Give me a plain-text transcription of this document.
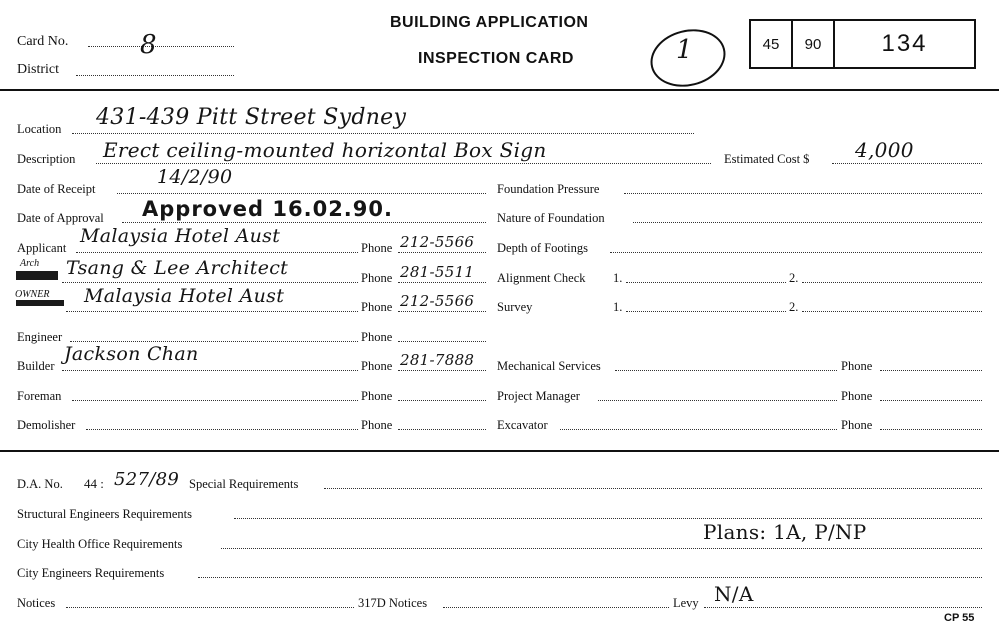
Card No.	8
District
BUILDING APPLICATION
INSPECTION CARD	1	45	90	134
Location 431-439 Pitt Street Sydney
Description Erect ceiling-mounted horizontal Box Sign
Date of Receipt
14/2/90
Date of Approval Approved 16.02.90.
Applicant
Malaysia Hotel Aust
Phone 212-5566
Arch Tsang & Lee Architect	Phone 281-5511
OWNER Malaysia Hotel Aust	Phone 212-5566
Engineer	Phone
Builder
Jackson Chan
Phone 281-7888
Foreman	Phone
Demolisher	Phone
Estimated Cost $ 4,000
Foundation Pressure
Nature of Foundation
Depth of Footings
Alignment Check 1.	2.
Survey	1.	2.
Mechanical Services	Phone
Project Manager	Phone
Excavator	Phone
D.A. No. 44 : 527/89 Special Requirements
Structural Engineers Requirements
City Health Office Requirements	Plans: 1A, P/NP
City Engineers Requirements
Notices	317D Notices	Levy N/A
CP 55
